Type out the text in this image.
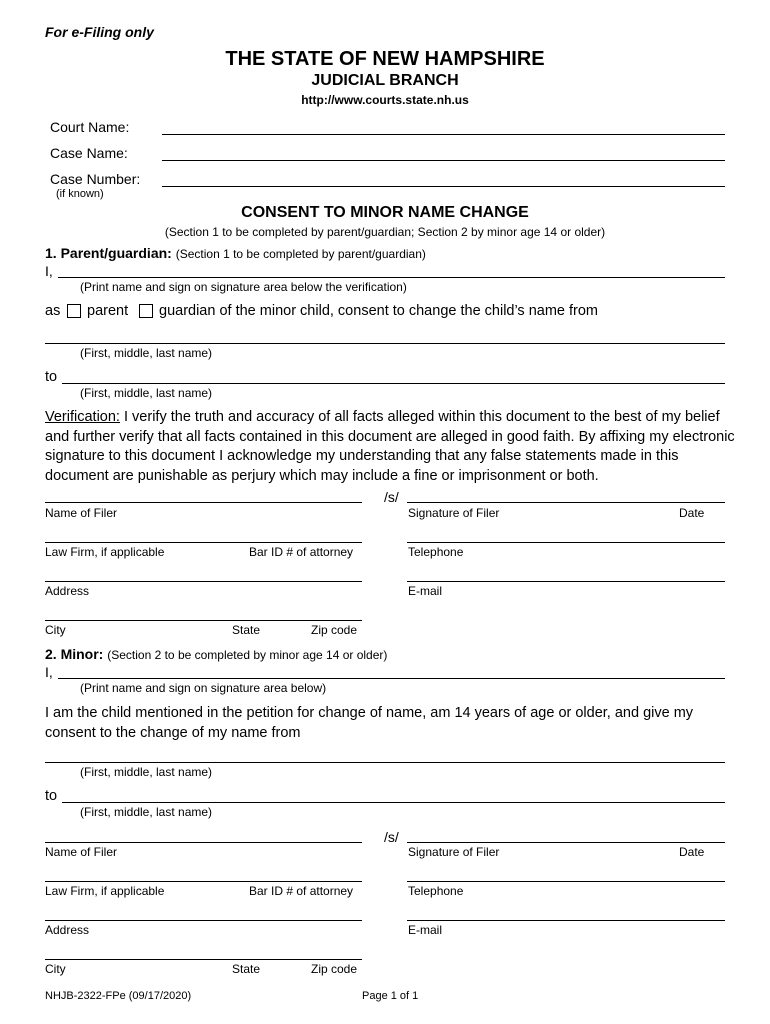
For e-Filing only
THE STATE OF NEW HAMPSHIRE
JUDICIAL BRANCH
http://www.courts.state.nh.us
Court Name:
Case Name:
Case Number:
(if known)
CONSENT TO MINOR NAME CHANGE
(Section 1 to be completed by parent/guardian; Section 2 by minor age 14 or older)
1. Parent/guardian: (Section 1 to be completed by parent/guardian)
I,
(Print name and sign on signature area below the verification)
as parent guardian of the minor child, consent to change the child’s name from
(First, middle, last name)
to
(First, middle, last name)
Verification: I verify the truth and accuracy of all facts alleged within this document to the best of my belief and further verify that all facts contained in this document are alleged in good faith. By affixing my electronic signature to this document I acknowledge my understanding that any false statements made in this document are punishable as perjury which may include a fine or imprisonment or both.
/s/
Name of Filer	Signature of Filer	Date
Law Firm, if applicable	Bar ID # of attorney	Telephone
Address	E-mail
City	State	Zip code
2. Minor: (Section 2 to be completed by minor age 14 or older)
I,
(Print name and sign on signature area below)
I am the child mentioned in the petition for change of name, am 14 years of age or older, and give my consent to the change of my name from
(First, middle, last name)
to
(First, middle, last name)
/s/
Name of Filer	Signature of Filer	Date
Law Firm, if applicable	Bar ID # of attorney	Telephone
Address	E-mail
City	State	Zip code
NHJB-2322-FPe (09/17/2020)	Page 1 of 1
